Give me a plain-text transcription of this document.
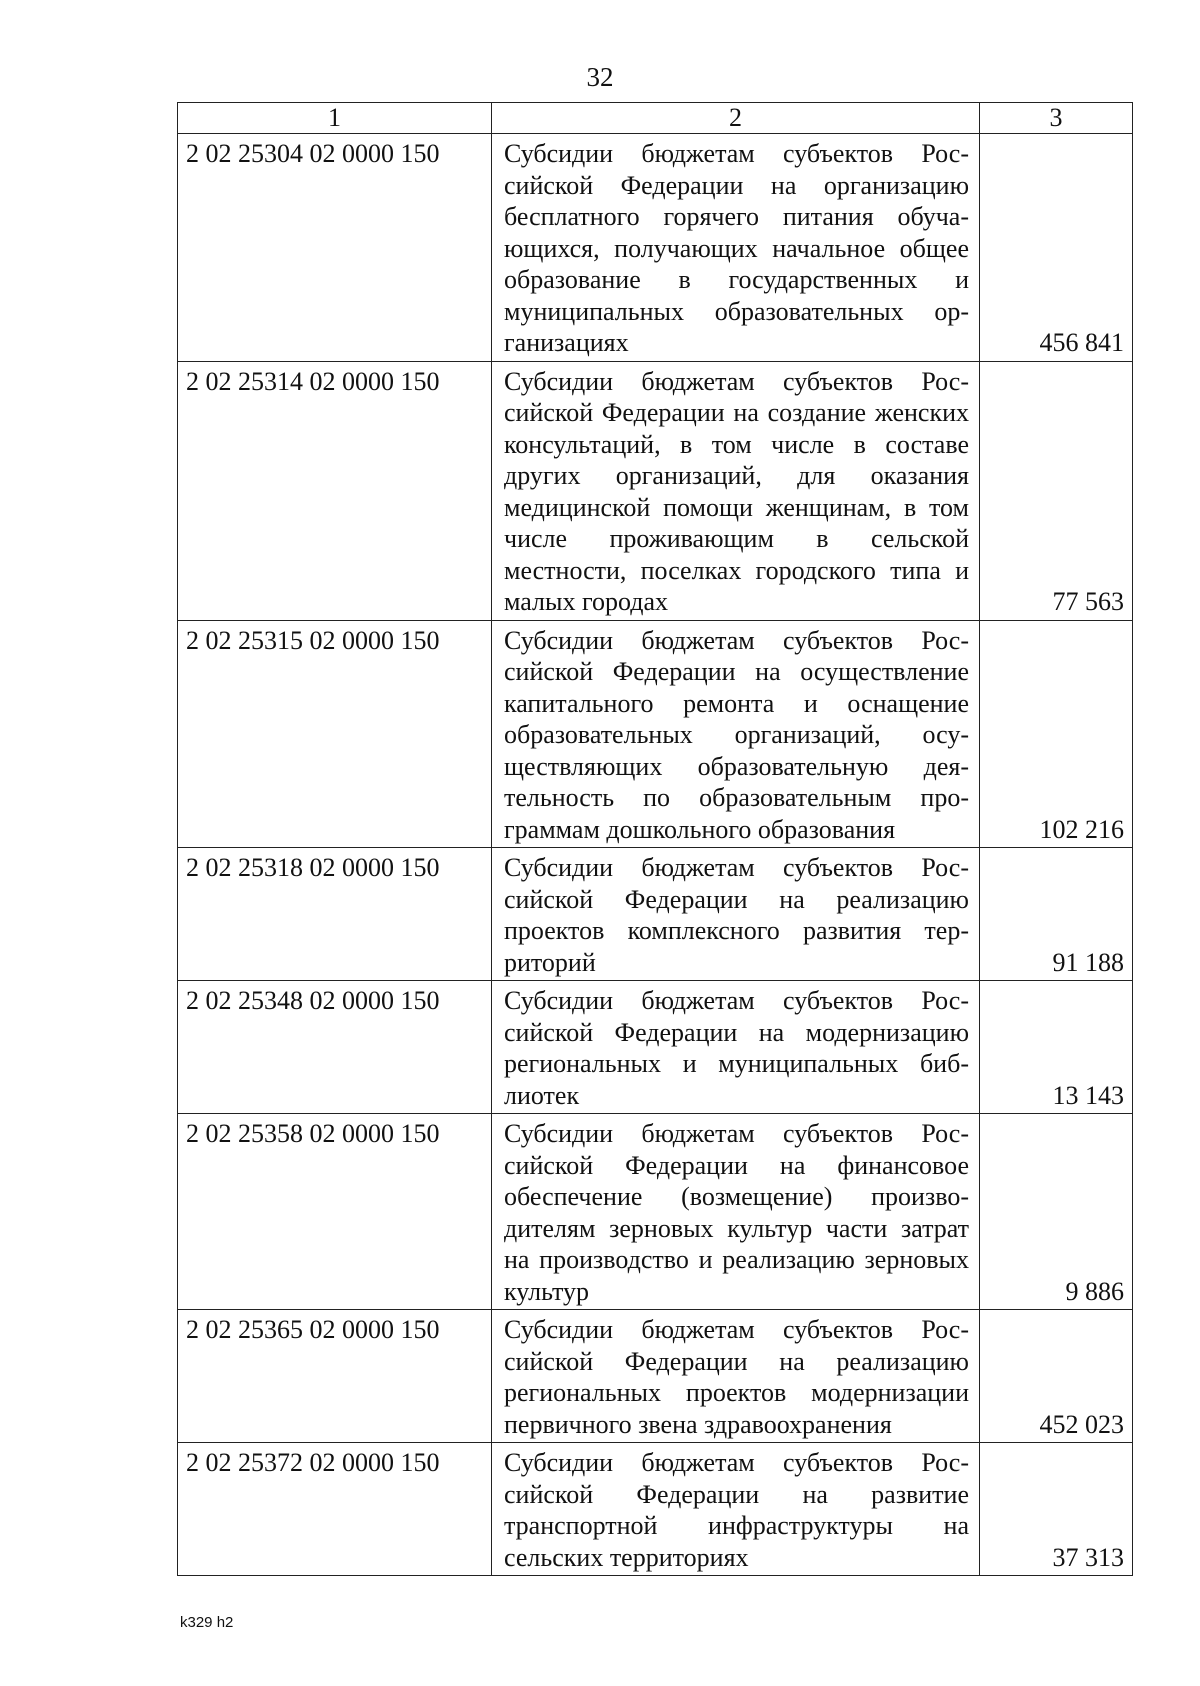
32
1	2	3
2 02 25304 02 0000 150	Субсидии бюджетам субъектов Российской Федерации на организацию бесплатного горячего питания обучающихся, получающих начальное общее образование в государственных и муниципальных образовательных организациях	456 841
2 02 25314 02 0000 150	Субсидии бюджетам субъектов Российской Федерации на создание женских консультаций, в том числе в составе других организаций, для оказания медицинской помощи женщинам, в том числе проживающим в сельской местности, поселках городского типа и малых городах	77 563
2 02 25315 02 0000 150	Субсидии бюджетам субъектов Российской Федерации на осуществление капитального ремонта и оснащение образовательных организаций, осуществляющих образовательную деятельность по образовательным программам дошкольного образования	102 216
2 02 25318 02 0000 150	Субсидии бюджетам субъектов Российской Федерации на реализацию проектов комплексного развития территорий	91 188
2 02 25348 02 0000 150	Субсидии бюджетам субъектов Российской Федерации на модернизацию региональных и муниципальных библиотек	13 143
2 02 25358 02 0000 150	Субсидии бюджетам субъектов Российской Федерации на финансовое обеспечение (возмещение) производителям зерновых культур части затрат на производство и реализацию зерновых культур	9 886
2 02 25365 02 0000 150	Субсидии бюджетам субъектов Российской Федерации на реализацию региональных проектов модернизации первичного звена здравоохранения	452 023
2 02 25372 02 0000 150	Субсидии бюджетам субъектов Российской Федерации на развитие транспортной инфраструктуры на сельских территориях	37 313
k329 h2
